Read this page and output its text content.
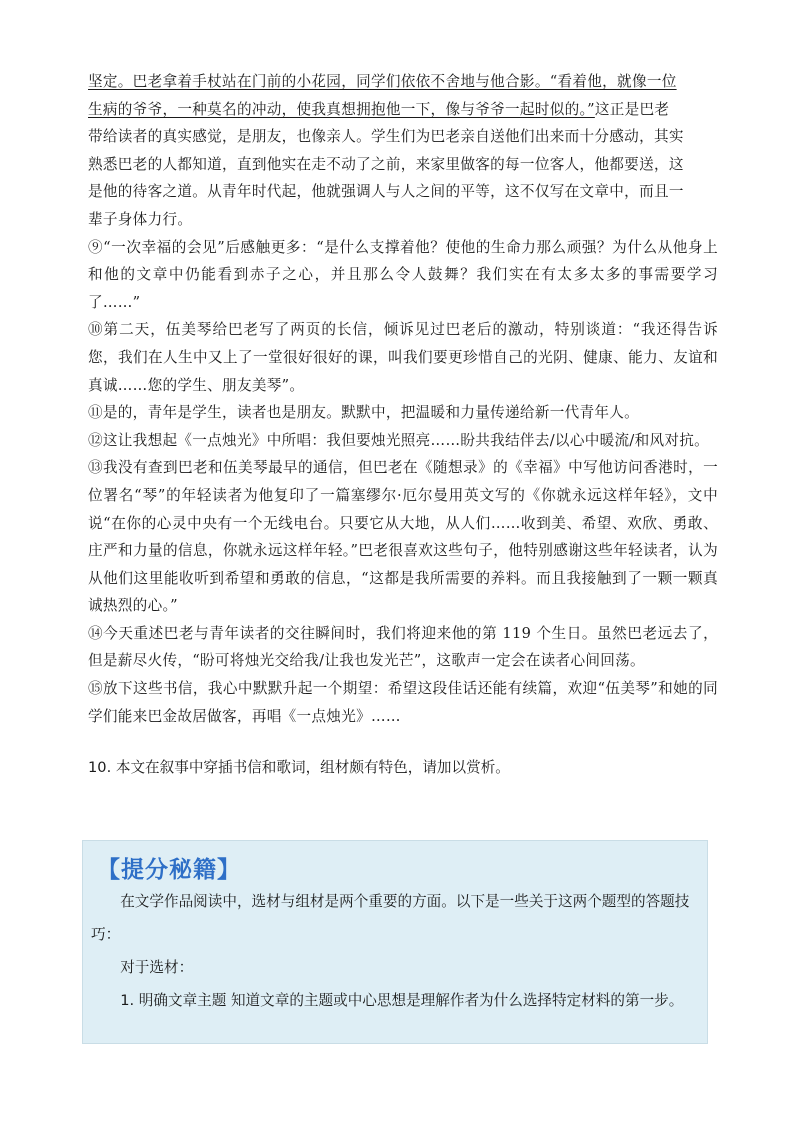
坚定。巴老拿着手杖站在门前的小花园，同学们依依不舍地与他合影。“看着他，就像一位
生病的爷爷，一种莫名的冲动，使我真想拥抱他一下，像与爷爷一起时似的。”这正是巴老
带给读者的真实感觉，是朋友，也像亲人。学生们为巴老亲自送他们出来而十分感动，其实
熟悉巴老的人都知道，直到他实在走不动了之前，来家里做客的每一位客人，他都要送，这
是他的待客之道。从青年时代起，他就强调人与人之间的平等，这不仅写在文章中，而且一
辈子身体力行。

⑨“一次幸福的会见”后感触更多：“是什么支撑着他？使他的生命力那么顽强？为什么从他身上和他的文章中仍能看到赤子之心，并且那么令人鼓舞？我们实在有太多太多的事需要学习了……”

⑩第二天，伍美琴给巴老写了两页的长信，倾诉见过巴老后的激动，特别谈道：“我还得告诉您，我们在人生中又上了一堂很好很好的课，叫我们要更珍惜自己的光阴、健康、能力、友谊和真诚……您的学生、朋友美琴”。

⑪是的，青年是学生，读者也是朋友。默默中，把温暖和力量传递给新一代青年人。

⑫这让我想起《一点烛光》中所唱：我但要烛光照亮……盼共我结伴去/以心中暖流/和风对抗。

⑬我没有查到巴老和伍美琴最早的通信，但巴老在《随想录》的《幸福》中写他访问香港时，一位署名“琴”的年轻读者为他复印了一篇塞缪尔·厄尔曼用英文写的《你就永远这样年轻》，文中说“在你的心灵中央有一个无线电台。只要它从大地，从人们……收到美、希望、欢欣、勇敢、庄严和力量的信息，你就永远这样年轻。”巴老很喜欢这些句子，他特别感谢这些年轻读者，认为从他们这里能收听到希望和勇敢的信息，“这都是我所需要的养料。而且我接触到了一颗一颗真诚热烈的心。”

⑭今天重述巴老与青年读者的交往瞬间时，我们将迎来他的第 119 个生日。虽然巴老远去了，但是薪尽火传，“盼可将烛光交给我/让我也发光芒”，这歌声一定会在读者心间回荡。

⑮放下这些书信，我心中默默升起一个期望：希望这段佳话还能有续篇，欢迎“伍美琴”和她的同学们能来巴金故居做客，再唱《一点烛光》……

10. 本文在叙事中穿插书信和歌词，组材颇有特色，请加以赏析。
【提分秘籍】

在文学作品阅读中，选材与组材是两个重要的方面。以下是一些关于这两个题型的答题技巧：

对于选材：

1. 明确文章主题 知道文章的主题或中心思想是理解作者为什么选择特定材料的第一步。
